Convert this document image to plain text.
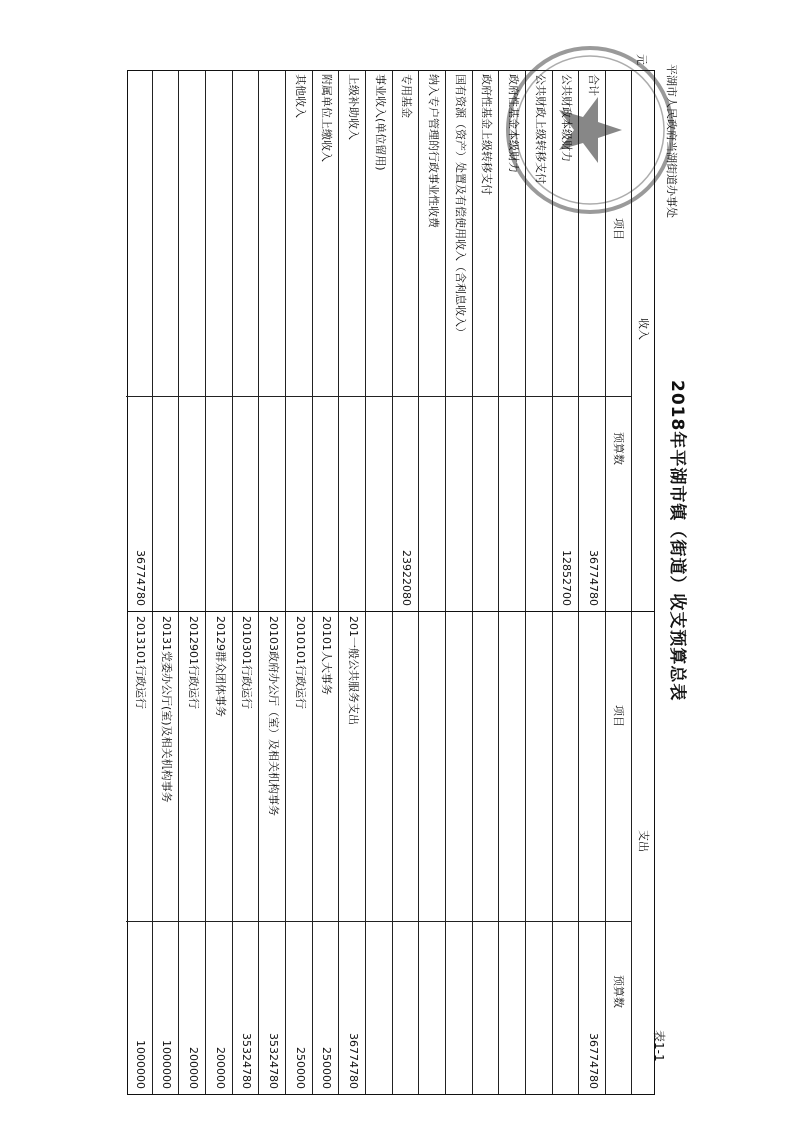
2018年平湖市镇（街道）收支预算总表
表1-1
平湖市人民政府当湖街道办事处
元
收入
支出
项目
预算数
项目
预算数
合计
36774780
公共财政本级财力
12852700
公共财政上级转移支付
政府性基金本级财力
政府性基金上级转移支付
国有资源（资产）处置及有偿使用收入（含利息收入）
纳入专户管理的行政事业性收费
专用基金
23922080
事业收入(单位留用)
上级补助收入
附属单位上缴收入
其他收入
36774780
36774780
201一般公共服务支出
36774780
20101人大事务
250000
2010101行政运行
250000
20103政府办公厅（室）及相关机构事务
35324780
2010301行政运行
35324780
20129群众团体事务
200000
2012901行政运行
200000
20131党委办公厅(室)及相关机构事务
1000000
2013101行政运行
1000000
